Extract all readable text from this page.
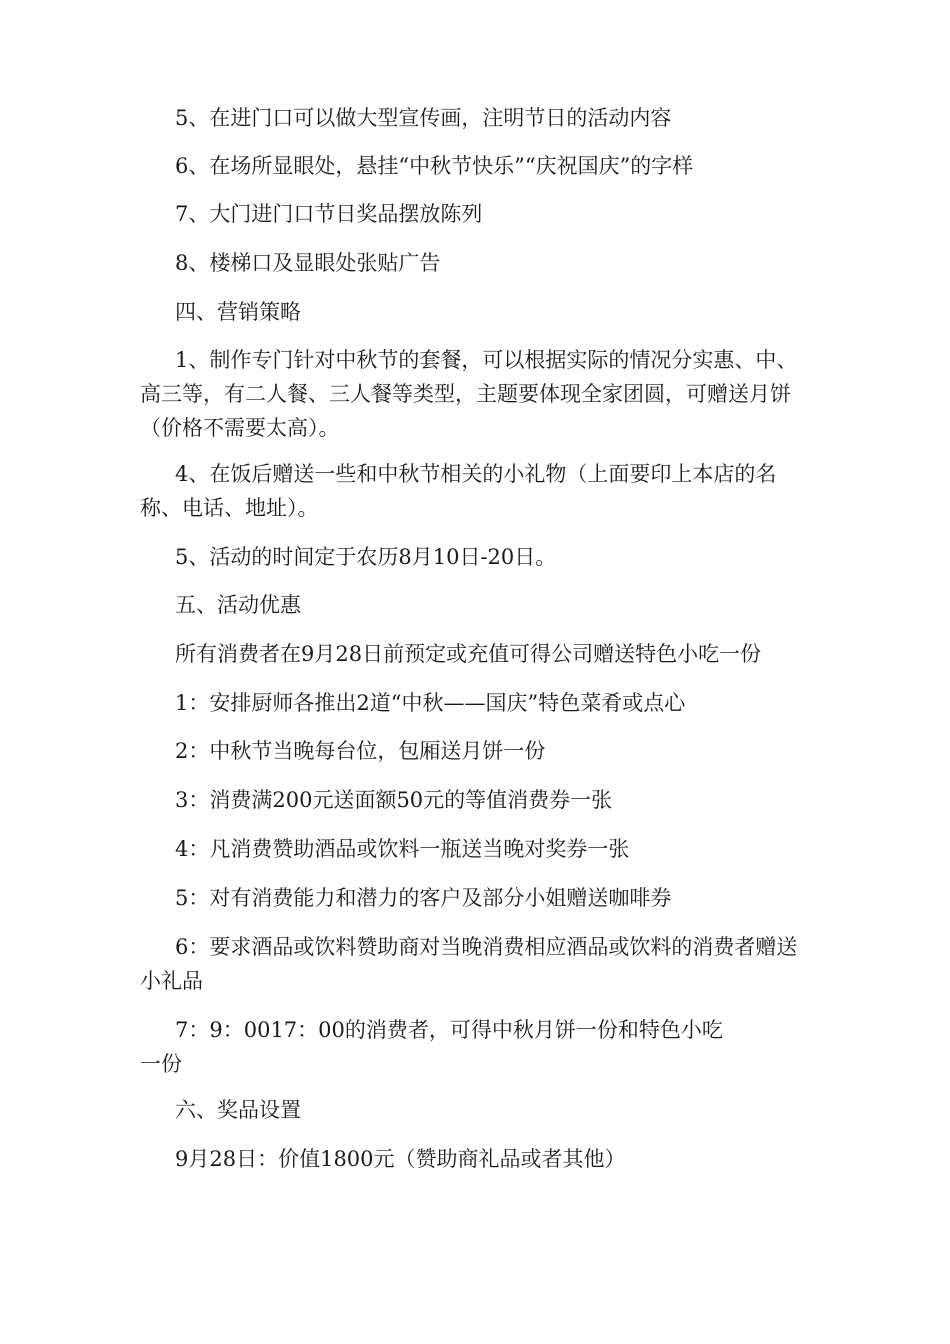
5、在进门口可以做大型宣传画，注明节日的活动内容

6、在场所显眼处，悬挂“中秋节快乐”“庆祝国庆”的字样

7、大门进门口节日奖品摆放陈列

8、楼梯口及显眼处张贴广告

四、营销策略

1、制作专门针对中秋节的套餐，可以根据实际的情况分实惠、中、高三等，有二人餐、三人餐等类型，主题要体现全家团圆，可赠送月饼（价格不需要太高）。

4、在饭后赠送一些和中秋节相关的小礼物（上面要印上本店的名称、电话、地址）。

5、活动的时间定于农历8月10日-20日。

五、活动优惠

所有消费者在9月28日前预定或充值可得公司赠送特色小吃一份

1：安排厨师各推出2道“中秋——国庆”特色菜肴或点心

2：中秋节当晚每台位，包厢送月饼一份

3：消费满200元送面额50元的等值消费券一张

4：凡消费赞助酒品或饮料一瓶送当晚对奖券一张

5：对有消费能力和潜力的客户及部分小姐赠送咖啡券

6：要求酒品或饮料赞助商对当晚消费相应酒品或饮料的消费者赠送小礼品

7：9：0017：00的消费者，可得中秋月饼一份和特色小吃一份

六、奖品设置

9月28日：价值1800元（赞助商礼品或者其他）
